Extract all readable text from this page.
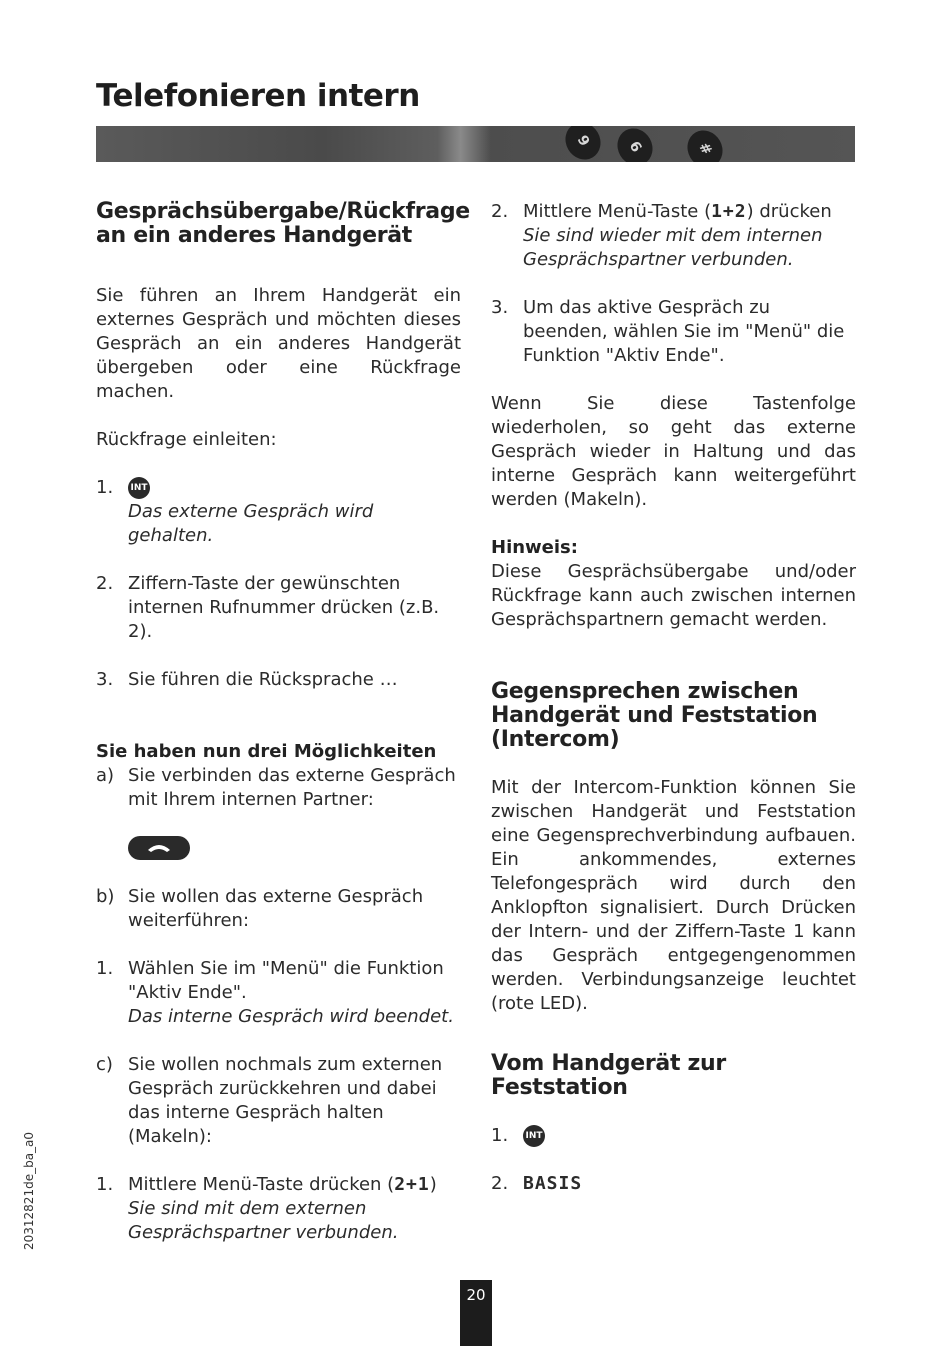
Telefonieren intern
9	6	#
Gesprächsübergabe/Rückfrage an ein anderes Handgerät

Sie führen an Ihrem Handgerät ein externes Gespräch und möchten dieses Gespräch an ein anderes Handgerät übergeben oder eine Rückfrage machen.

Rückfrage einleiten:

1. INT
Das externe Gespräch wird gehalten.
2. Ziffern-Taste der gewünschten internen Rufnummer drücken (z.B. 2).
3. Sie führen die Rücksprache …
Sie haben nun drei Möglichkeiten
a) Sie verbinden das externe Gespräch mit Ihrem internen Partner:
b) Sie wollen das externe Gespräch weiterführen:
1. Wählen Sie im "Menü" die Funktion "Aktiv Ende".
Das interne Gespräch wird beendet.
c) Sie wollen nochmals zum externen Gespräch zurückkehren und dabei das interne Gespräch halten (Makeln):
1. Mittlere Menü-Taste drücken (2+1)
Sie sind mit dem externen Gesprächspartner verbunden.
2. Mittlere Menü-Taste (1+2) drücken
Sie sind wieder mit dem internen Gesprächspartner verbunden.
3. Um das aktive Gespräch zu beenden, wählen Sie im "Menü" die Funktion "Aktiv Ende".

Wenn Sie diese Tastenfolge wiederholen, so geht das externe Gespräch wieder in Haltung und das interne Gespräch kann weitergeführt werden (Makeln).

Hinweis:

Diese Gesprächsübergabe und/oder Rückfrage kann auch zwischen internen Gesprächspartnern gemacht werden.

Gegensprechen zwischen Handgerät und Feststation (Intercom)

Mit der Intercom-Funktion können Sie zwischen Handgerät und Feststation eine Gegensprechverbindung aufbauen. Ein ankommendes, externes Telefongespräch wird durch den Anklopfton signalisiert. Durch Drücken der Intern- und der Ziffern-Taste 1 kann das Gespräch entgegengenommen werden. Verbindungsanzeige leuchtet (rote LED).

Vom Handgerät zur Feststation
1. INT
2. BASIS
20312821de_ba_a0
20
